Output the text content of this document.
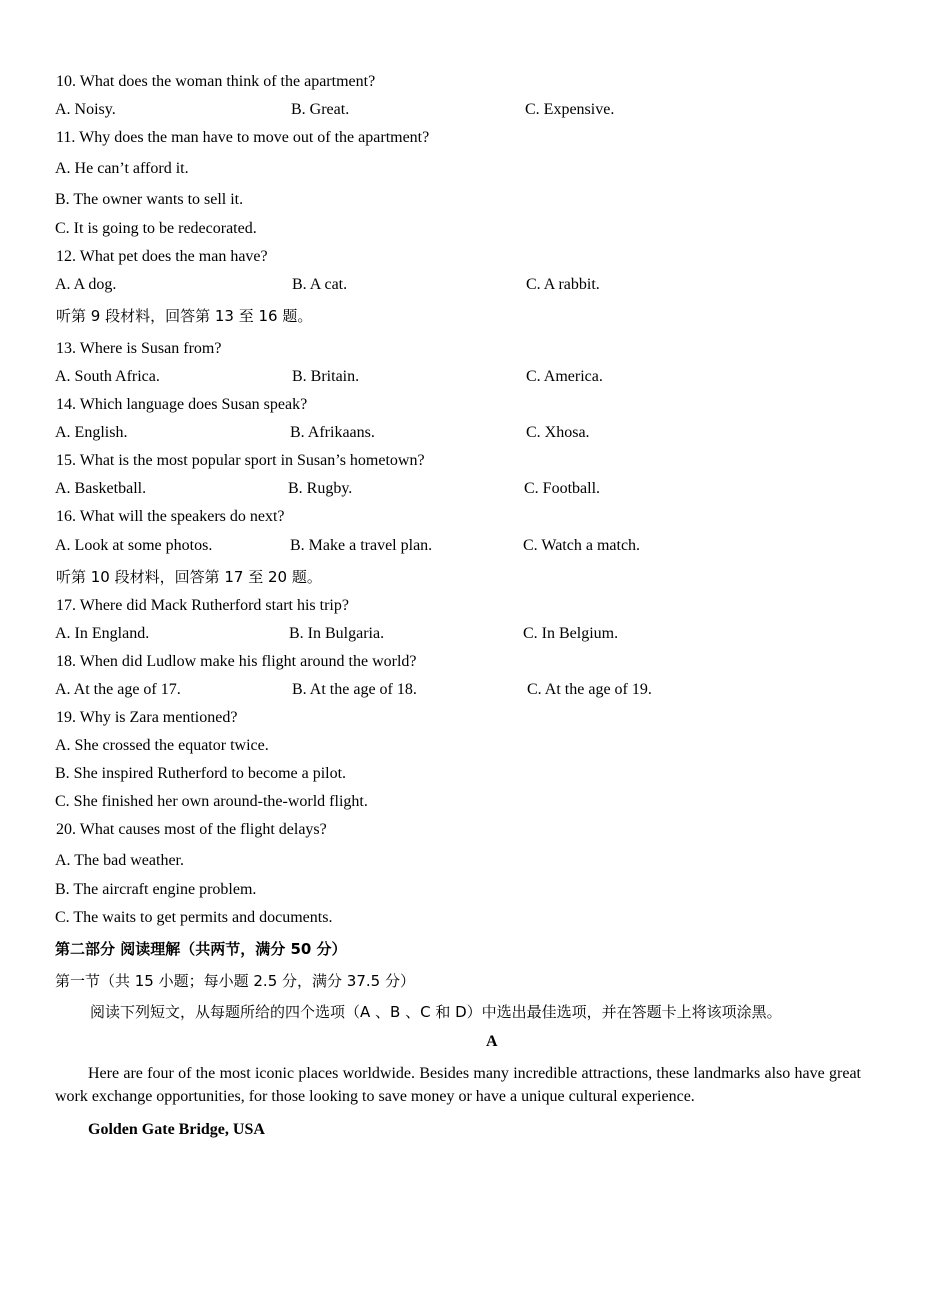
10. What does the woman think of the apartment?
A. Noisy.	B. Great.	C. Expensive.
11. Why does the man have to move out of the apartment?
A. He can’t afford it.
B. The owner wants to sell it.
C. It is going to be redecorated.
12. What pet does the man have?
A. A dog.	B. A cat.	C. A rabbit.
听第 9 段材料，回答第 13 至 16 题。
13. Where is Susan from?
A. South Africa.	B. Britain.	C. America.
14. Which language does Susan speak?
A. English.	B. Afrikaans.	C. Xhosa.
15. What is the most popular sport in Susan’s hometown?
A. Basketball.	B. Rugby.	C. Football.
16. What will the speakers do next?
A. Look at some photos.	B. Make a travel plan.	C. Watch a match.
听第 10 段材料，回答第 17 至 20 题。
17. Where did Mack Rutherford start his trip?
A. In England.	B. In Bulgaria.	C. In Belgium.
18. When did Ludlow make his flight around the world?
A. At the age of 17.	B. At the age of 18.	C. At the age of 19.
19. Why is Zara mentioned?
A. She crossed the equator twice.
B. She inspired Rutherford to become a pilot.
C. She finished her own around-the-world flight.
20. What causes most of the flight delays?
A. The bad weather.
B. The aircraft engine problem.
C. The waits to get permits and documents.
第二部分 阅读理解（共两节，满分 50 分）
第一节（共 15 小题；每小题 2.5 分，满分 37.5 分）
阅读下列短文，从每题所给的四个选项（A 、B 、C 和 D）中选出最佳选项，并在答题卡上将该项涂黑。
A
Here are four of the most iconic places worldwide. Besides many incredible attractions, these landmarks also have great work exchange opportunities, for those looking to save money or have a unique cultural experience.
Golden Gate Bridge, USA
